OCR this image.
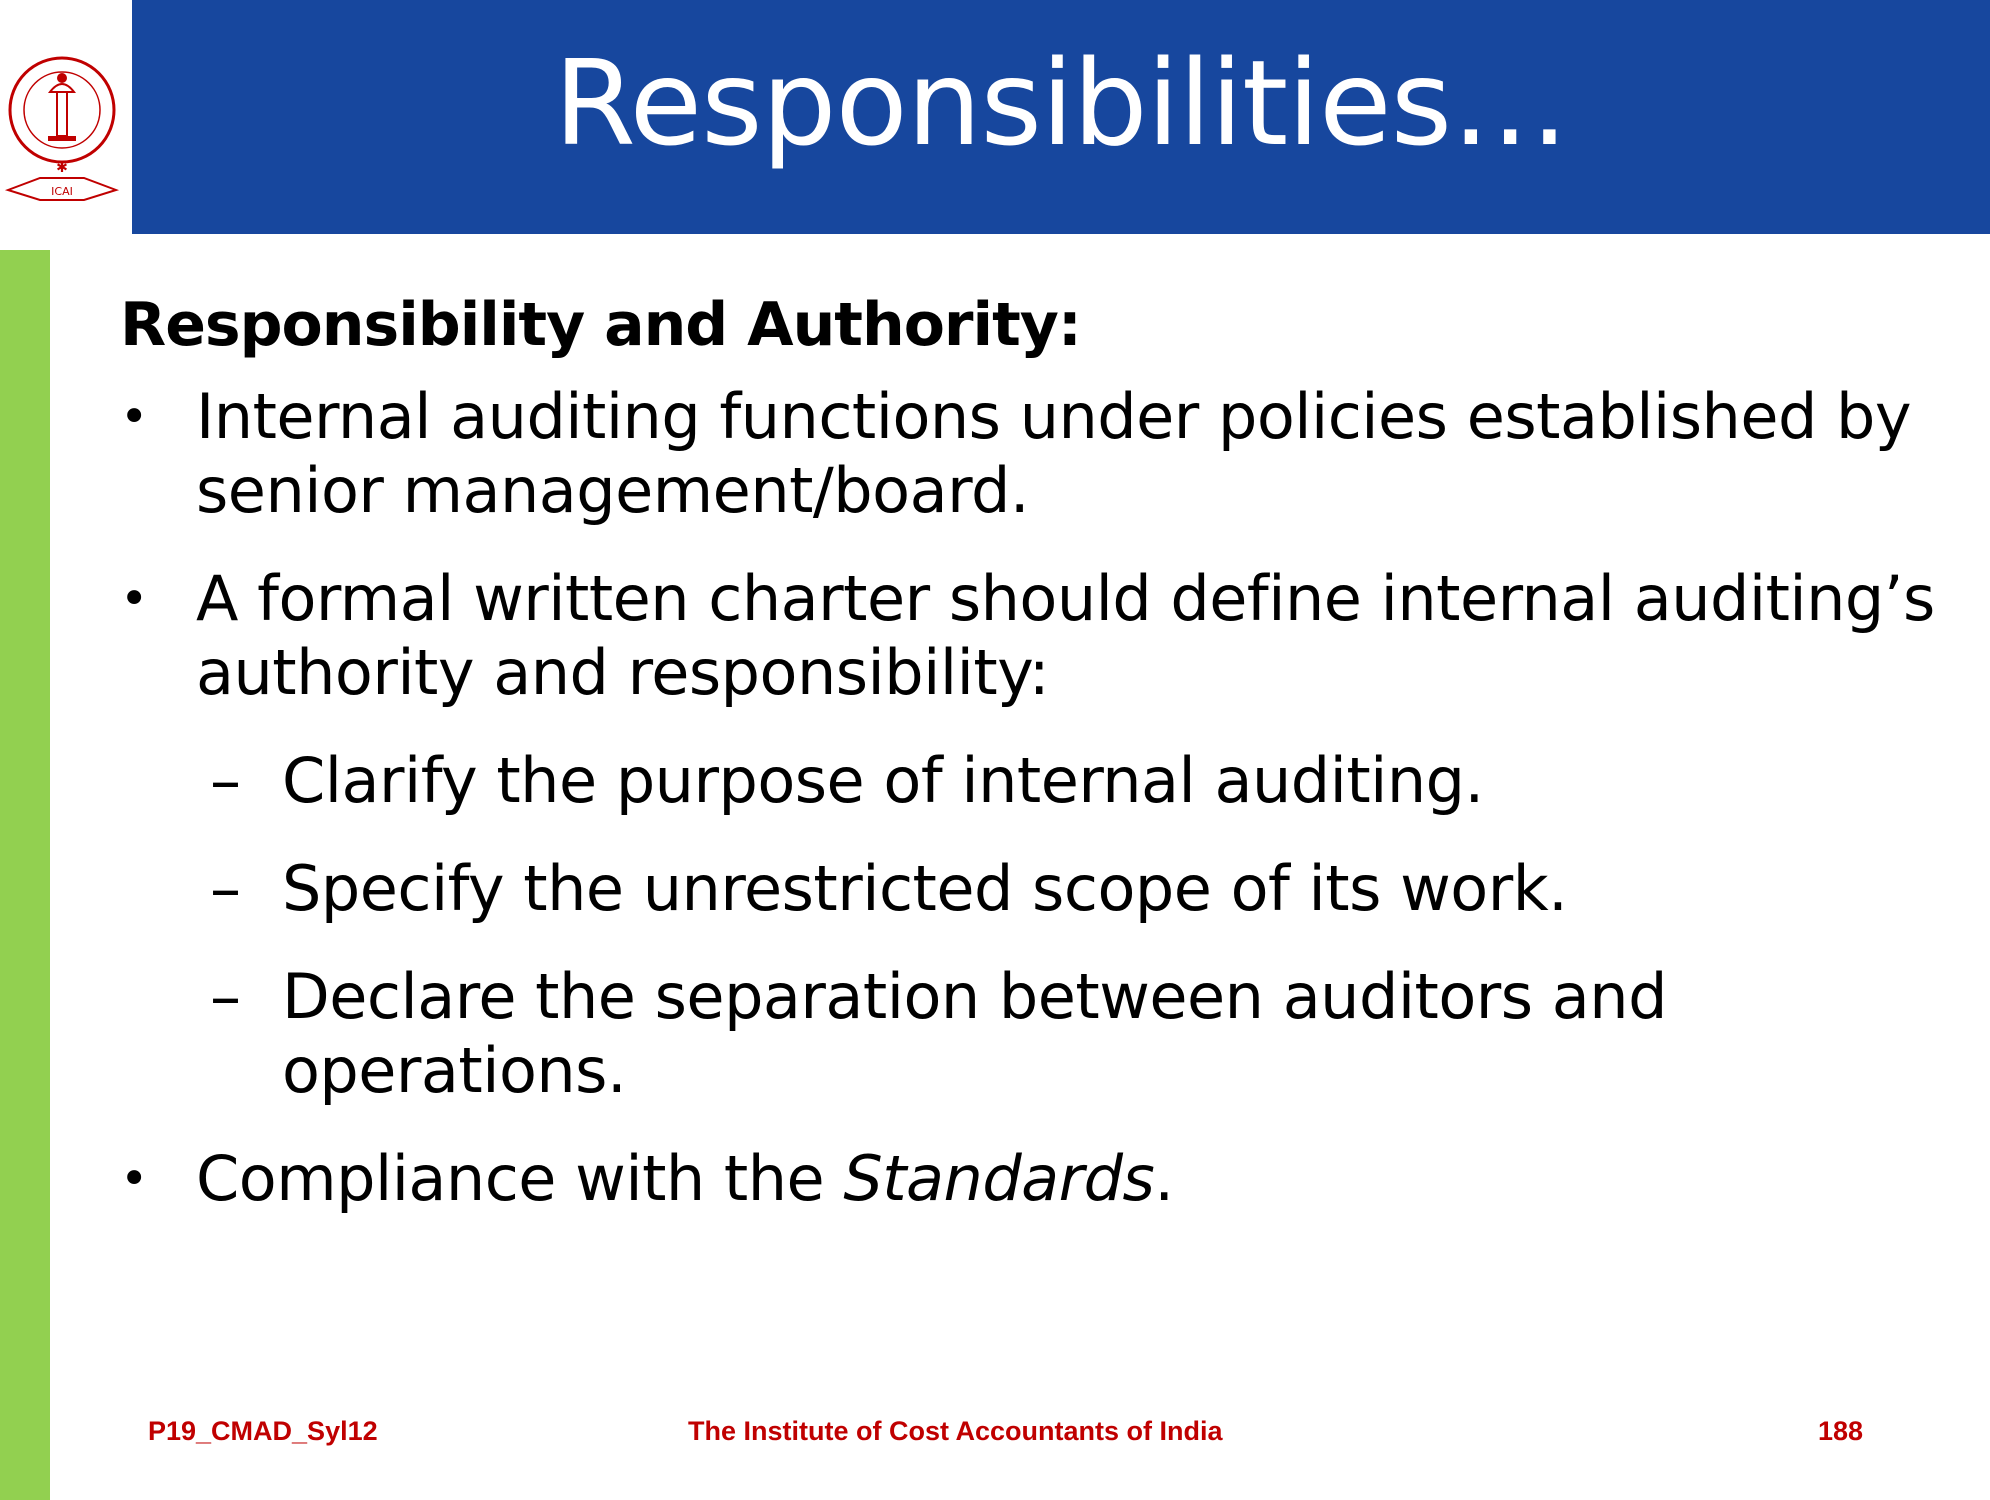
ICAI
✱	Responsibilities…

Responsibility and Authority:

• Internal auditing functions under policies established by senior management/board.
• A formal written charter should define internal auditing’s authority and responsibility:
– Clarify the purpose of internal auditing.
– Specify the unrestricted scope of its work.
– Declare the separation between auditors and operations.
• Compliance with the Standards.
P19_CMAD_Syl12	The Institute of Cost Accountants of India	188
